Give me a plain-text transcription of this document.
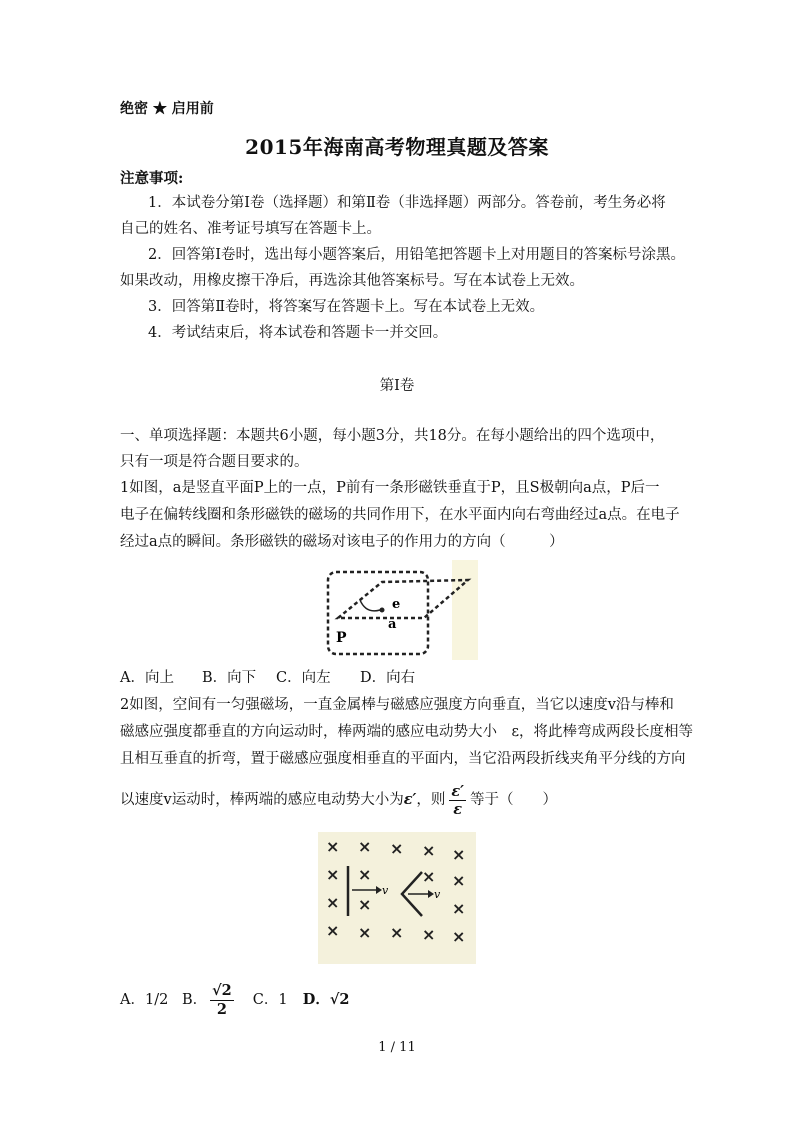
绝密 ★ 启用前
2015年海南高考物理真题及答案
注意事项:
1．本试卷分第Ⅰ卷（选择题）和第Ⅱ卷（非选择题）两部分。答卷前，考生务必将
自己的姓名、准考证号填写在答题卡上。
2．回答第Ⅰ卷时，选出每小题答案后，用铅笔把答题卡上对用题目的答案标号涂黑。
如果改动，用橡皮擦干净后，再选涂其他答案标号。写在本试卷上无效。
3．回答第Ⅱ卷时，将答案写在答题卡上。写在本试卷上无效。
4．考试结束后，将本试卷和答题卡一并交回。
第Ⅰ卷
一、单项选择题：本题共6小题，每小题3分，共18分。在每小题给出的四个选项中，
只有一项是符合题目要求的。
1如图，a是竖直平面P上的一点，P前有一条形磁铁垂直于P，且S极朝向a点，P后一
电子在偏转线圈和条形磁铁的磁场的共同作用下，在水平面内向右弯曲经过a点。在电子
经过a点的瞬间。条形磁铁的磁场对该电子的作用力的方向（　　　）
e
a
P
A．向上 B．向下 C．向左 D．向右
2如图，空间有一匀强磁场，一直金属棒与磁感应强度方向垂直，当它以速度v沿与棒和
磁感应强度都垂直的方向运动时，棒两端的感应电动势大小　ε，将此棒弯成两段长度相等
且相互垂直的折弯，置于磁感应强度相垂直的平面内，当它沿两段折线夹角平分线的方向
以速度v运动时，棒两端的感应电动势大小为ε′，则 $\frac{\varepsilon'}{\varepsilon}$ 等于（　　）
× × × × ×
× ×	× ×
× ×	×
× × × × ×
v	v
A．1/2 B． $\frac{√2}{2}$ C．1 D．√2
1 / 11
